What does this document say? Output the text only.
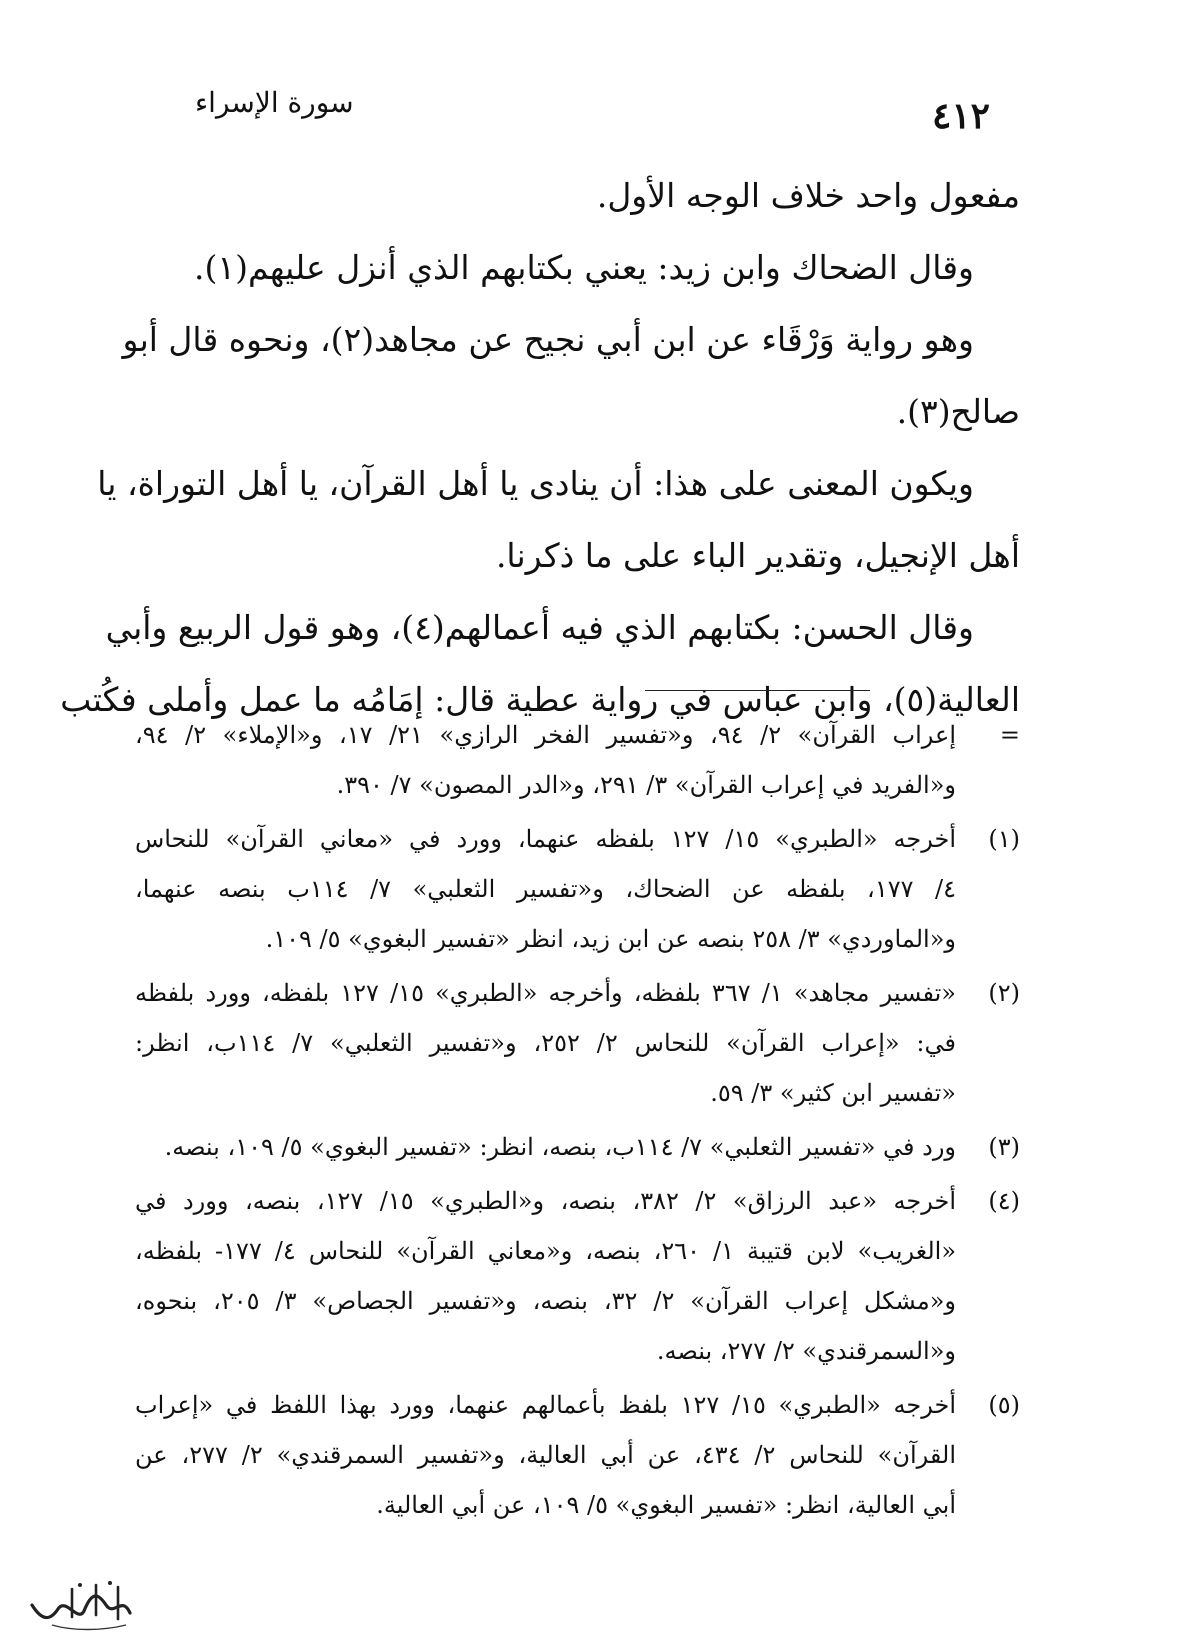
٤١٢
سورة الإسراء
مفعول واحد خلاف الوجه الأول.
وقال الضحاك وابن زيد: يعني بكتابهم الذي أنزل عليهم(١).
وهو رواية وَرْقَاء عن ابن أبي نجيح عن مجاهد(٢)، ونحوه قال أبو
صالح(٣).
ويكون المعنى على هذا: أن ينادى يا أهل القرآن، يا أهل التوراة، يا
أهل الإنجيل، وتقدير الباء على ما ذكرنا.
وقال الحسن: بكتابهم الذي فيه أعمالهم(٤)، وهو قول الربيع وأبي
العالية(٥)، وابن عباس في رواية عطية قال: إمَامُه ما عمل وأملى فكُتب
=
إعراب القرآن» ٢/ ٩٤، و«تفسير الفخر الرازي» ٢١/ ١٧، و«الإملاء» ٢/ ٩٤،
و«الفريد في إعراب القرآن» ٣/ ٢٩١، و«الدر المصون» ٧/ ٣٩٠.
(١)
أخرجه «الطبري» ١٥/ ١٢٧ بلفظه عنهما، وورد في «معاني القرآن» للنحاس
٤/ ١٧٧، بلفظه عن الضحاك، و«تفسير الثعلبي» ٧/ ١١٤ب بنصه عنهما،
و«الماوردي» ٣/ ٢٥٨ بنصه عن ابن زيد، انظر «تفسير البغوي» ٥/ ١٠٩.
(٢)
«تفسير مجاهد» ١/ ٣٦٧ بلفظه، وأخرجه «الطبري» ١٥/ ١٢٧ بلفظه، وورد بلفظه
في: «إعراب القرآن» للنحاس ٢/ ٢٥٢، و«تفسير الثعلبي» ٧/ ١١٤ب، انظر:
«تفسير ابن كثير» ٣/ ٥٩.
(٣)
ورد في «تفسير الثعلبي» ٧/ ١١٤ب، بنصه، انظر: «تفسير البغوي» ٥/ ١٠٩، بنصه.
(٤)
أخرجه «عبد الرزاق» ٢/ ٣٨٢، بنصه، و«الطبري» ١٥/ ١٢٧، بنصه، وورد في
«الغريب» لابن قتيبة ١/ ٢٦٠، بنصه، و«معاني القرآن» للنحاس ٤/ ١٧٧- بلفظه،
و«مشكل إعراب القرآن» ٢/ ٣٢، بنصه، و«تفسير الجصاص» ٣/ ٢٠٥، بنحوه،
و«السمرقندي» ٢/ ٢٧٧، بنصه.
(٥)
أخرجه «الطبري» ١٥/ ١٢٧ بلفظ بأعمالهم عنهما، وورد بهذا اللفظ في «إعراب
القرآن» للنحاس ٢/ ٤٣٤، عن أبي العالية، و«تفسير السمرقندي» ٢/ ٢٧٧، عن
أبي العالية، انظر: «تفسير البغوي» ٥/ ١٠٩، عن أبي العالية.
